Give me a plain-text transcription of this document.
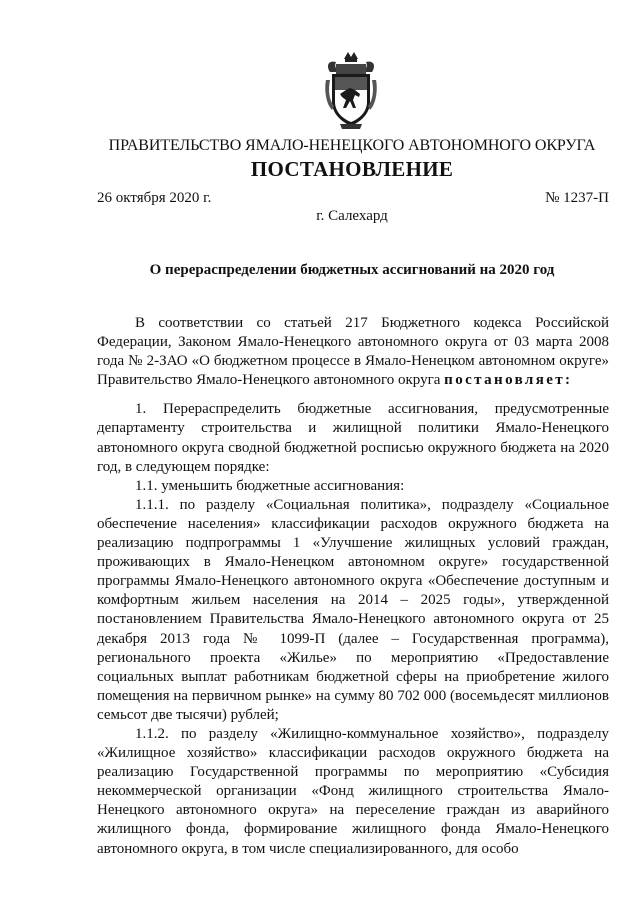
ПРАВИТЕЛЬСТВО ЯМАЛО-НЕНЕЦКОГО АВТОНОМНОГО ОКРУГА
ПОСТАНОВЛЕНИЕ
26 октября 2020 г.	№ 1237-П
г. Салехард
О перераспределении бюджетных ассигнований на 2020 год

В соответствии со статьей 217 Бюджетного кодекса Российской Федерации, Законом Ямало-Ненецкого автономного округа от 03 марта 2008 года № 2-ЗАО «О бюджетном процессе в Ямало-Ненецком автономном округе» Правительство Ямало-Ненецкого автономного округа постановляет:

1. Перераспределить бюджетные ассигнования, предусмотренные департаменту строительства и жилищной политики Ямало-Ненецкого автономного округа сводной бюджетной росписью окружного бюджета на 2020 год, в следующем порядке:

1.1. уменьшить бюджетные ассигнования:

1.1.1. по разделу «Социальная политика», подразделу «Социальное обеспечение населения» классификации расходов окружного бюджета на реализацию подпрограммы 1 «Улучшение жилищных условий граждан, проживающих в Ямало-Ненецком автономном округе» государственной программы Ямало-Ненецкого автономного округа «Обеспечение доступным и комфортным жильем населения на 2014 – 2025 годы», утвержденной постановлением Правительства Ямало-Ненецкого автономного округа от 25 декабря 2013 года № 1099-П (далее – Государственная программа), регионального проекта «Жилье» по мероприятию «Предоставление социальных выплат работникам бюджетной сферы на приобретение жилого помещения на первичном рынке» на сумму 80 702 000 (восемьдесят миллионов семьсот две тысячи) рублей;

1.1.2. по разделу «Жилищно-коммунальное хозяйство», подразделу «Жилищное хозяйство» классификации расходов окружного бюджета на реализацию Государственной программы по мероприятию «Субсидия некоммерческой организации «Фонд жилищного строительства Ямало-Ненецкого автономного округа» на переселение граждан из аварийного жилищного фонда, формирование жилищного фонда Ямало-Ненецкого автономного округа, в том числе специализированного, для особо
